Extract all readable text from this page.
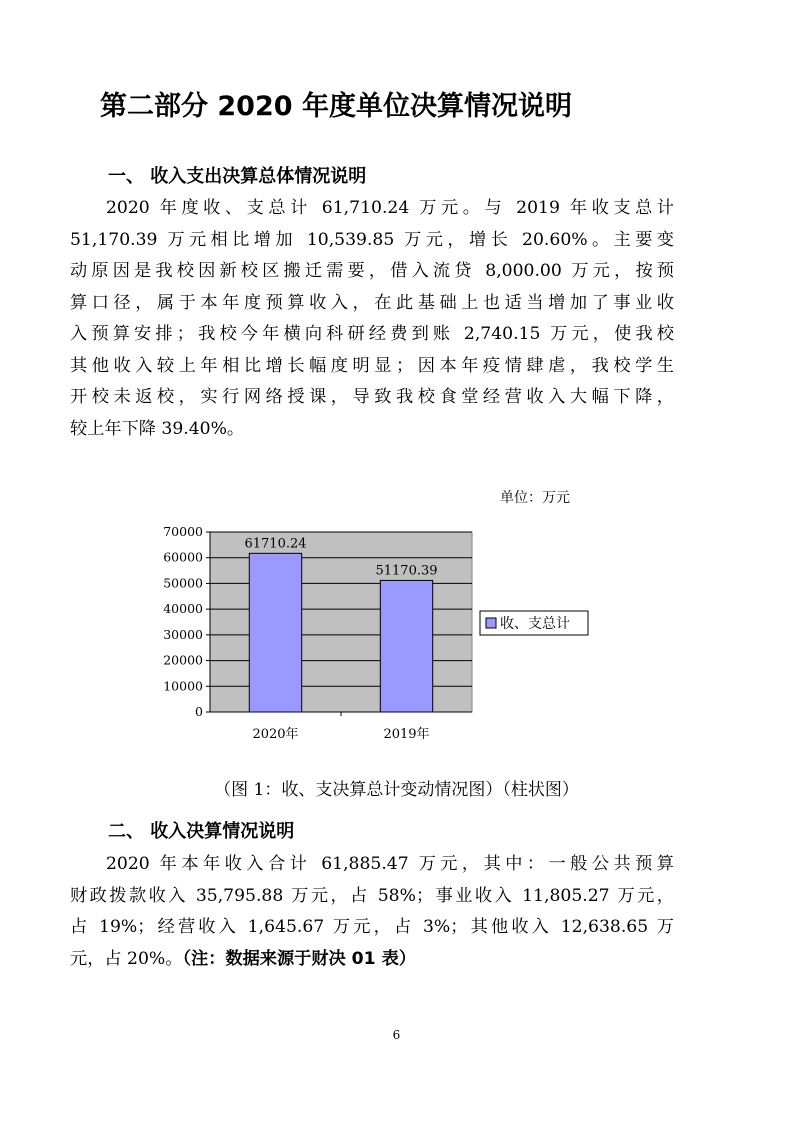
第二部分 2020 年度单位决算情况说明
一、 收入支出决算总体情况说明
2020 年度收、支总计 61,710.24 万元。与 2019 年收支总计
51,170.39 万元相比增加 10,539.85 万元，增长 20.60%。主要变
动原因是我校因新校区搬迁需要，借入流贷 8,000.00 万元，按预
算口径，属于本年度预算收入，在此基础上也适当增加了事业收
入预算安排；我校今年横向科研经费到账 2,740.15 万元，使我校
其他收入较上年相比增长幅度明显；因本年疫情肆虐，我校学生
开校未返校，实行网络授课，导致我校食堂经营收入大幅下降，
较上年下降 39.40%。
单位：万元
0
10000
20000
30000
40000
50000
60000
70000
61710.24
2020年
51170.39
2019年
收、支总计
（图 1：收、支决算总计变动情况图）（柱状图）
二、 收入决算情况说明
2020 年本年收入合计 61,885.47 万元，其中：一般公共预算
财政拨款收入 35,795.88 万元，占 58%；事业收入 11,805.27 万元，
占 19%；经营收入 1,645.67 万元，占 3%；其他收入 12,638.65 万
元，占 20%。（注：数据来源于财决 01 表）
6
